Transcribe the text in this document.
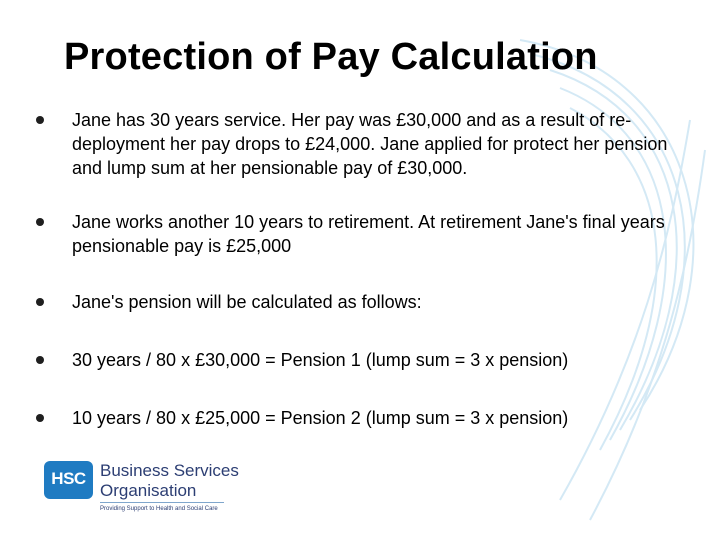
Protection of Pay Calculation
Jane has 30 years service. Her pay was £30,000 and as a result of re-deployment her pay drops to £24,000. Jane applied for protect her pension and lump sum at her pensionable pay of £30,000.
Jane works another 10 years to retirement. At retirement Jane's final years pensionable pay is £25,000
Jane's pension will be calculated as follows:
30 years / 80 x £30,000 = Pension 1 (lump sum = 3 x pension)
10 years / 80 x £25,000 = Pension 2 (lump sum = 3 x pension)
HSC Business Services
Organisation
Providing Support to Health and Social Care
